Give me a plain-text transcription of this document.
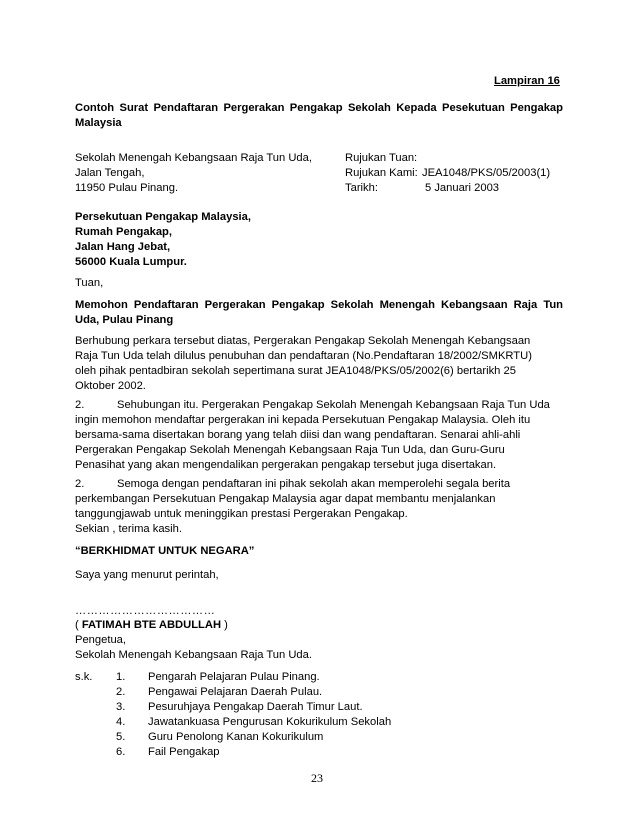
Lampiran 16
Contoh Surat Pendaftaran Pergerakan Pengakap Sekolah Kepada Pesekutuan Pengakap
Malaysia
Sekolah Menengah Kebangsaan Raja Tun Uda,
Jalan Tengah,
11950 Pulau Pinang.
Rujukan Tuan:
Rujukan Kami: JEA1048/PKS/05/2003(1)
Tarikh:	5 Januari 2003
Persekutuan Pengakap Malaysia,
Rumah Pengakap,
Jalan Hang Jebat,
56000 Kuala Lumpur.
Tuan,
Memohon Pendaftaran Pergerakan Pengakap Sekolah Menengah Kebangsaan Raja Tun
Uda, Pulau Pinang
Berhubung perkara tersebut diatas, Pergerakan Pengakap Sekolah Menengah Kebangsaan
Raja Tun Uda telah dilulus penubuhan dan pendaftaran (No.Pendaftaran 18/2002/SMKRTU)
oleh pihak pentadbiran sekolah sepertimana surat JEA1048/PKS/05/2002(6) bertarikh 25
Oktober 2002.
2.	Sehubungan itu. Pergerakan Pengakap Sekolah Menengah Kebangsaan Raja Tun Uda
ingin memohon mendaftar pergerakan ini kepada Persekutuan Pengakap Malaysia. Oleh itu
bersama-sama disertakan borang yang telah diisi dan wang pendaftaran. Senarai ahli-ahli
Pergerakan Pengakap Sekolah Menengah Kebangsaan Raja Tun Uda, dan Guru-Guru
Penasihat yang akan mengendalikan pergerakan pengakap tersebut juga disertakan.
2.	Semoga dengan pendaftaran ini pihak sekolah akan memperolehi segala berita
perkembangan Persekutuan Pengakap Malaysia agar dapat membantu menjalankan
tanggungjawab untuk meninggikan prestasi Pergerakan Pengakap.
Sekian , terima kasih.
“BERKHIDMAT UNTUK NEGARA”
Saya yang menurut perintah,
………………………………
( FATIMAH BTE ABDULLAH )
Pengetua,
Sekolah Menengah Kebangsaan Raja Tun Uda.
s.k. 1. Pengarah Pelajaran Pulau Pinang.
2. Pengawai Pelajaran Daerah Pulau.
3. Pesuruhjaya Pengakap Daerah Timur Laut.
4. Jawatankuasa Pengurusan Kokurikulum Sekolah
5. Guru Penolong Kanan Kokurikulum
6. Fail Pengakap
23
